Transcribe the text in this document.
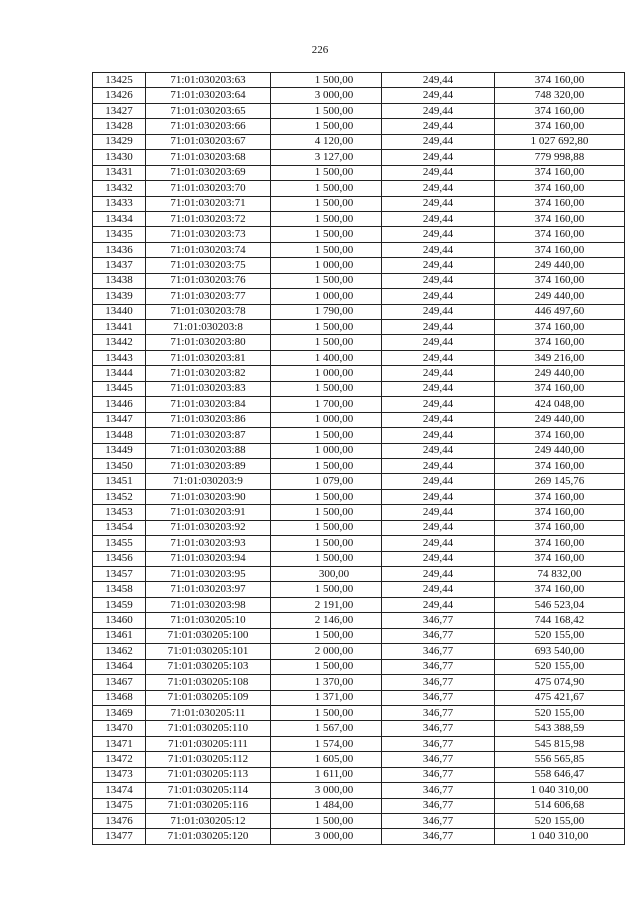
226
13425	71:01:030203:63	1 500,00	249,44	374 160,00
13426	71:01:030203:64	3 000,00	249,44	748 320,00
13427	71:01:030203:65	1 500,00	249,44	374 160,00
13428	71:01:030203:66	1 500,00	249,44	374 160,00
13429	71:01:030203:67	4 120,00	249,44	1 027 692,80
13430	71:01:030203:68	3 127,00	249,44	779 998,88
13431	71:01:030203:69	1 500,00	249,44	374 160,00
13432	71:01:030203:70	1 500,00	249,44	374 160,00
13433	71:01:030203:71	1 500,00	249,44	374 160,00
13434	71:01:030203:72	1 500,00	249,44	374 160,00
13435	71:01:030203:73	1 500,00	249,44	374 160,00
13436	71:01:030203:74	1 500,00	249,44	374 160,00
13437	71:01:030203:75	1 000,00	249,44	249 440,00
13438	71:01:030203:76	1 500,00	249,44	374 160,00
13439	71:01:030203:77	1 000,00	249,44	249 440,00
13440	71:01:030203:78	1 790,00	249,44	446 497,60
13441	71:01:030203:8	1 500,00	249,44	374 160,00
13442	71:01:030203:80	1 500,00	249,44	374 160,00
13443	71:01:030203:81	1 400,00	249,44	349 216,00
13444	71:01:030203:82	1 000,00	249,44	249 440,00
13445	71:01:030203:83	1 500,00	249,44	374 160,00
13446	71:01:030203:84	1 700,00	249,44	424 048,00
13447	71:01:030203:86	1 000,00	249,44	249 440,00
13448	71:01:030203:87	1 500,00	249,44	374 160,00
13449	71:01:030203:88	1 000,00	249,44	249 440,00
13450	71:01:030203:89	1 500,00	249,44	374 160,00
13451	71:01:030203:9	1 079,00	249,44	269 145,76
13452	71:01:030203:90	1 500,00	249,44	374 160,00
13453	71:01:030203:91	1 500,00	249,44	374 160,00
13454	71:01:030203:92	1 500,00	249,44	374 160,00
13455	71:01:030203:93	1 500,00	249,44	374 160,00
13456	71:01:030203:94	1 500,00	249,44	374 160,00
13457	71:01:030203:95	300,00	249,44	74 832,00
13458	71:01:030203:97	1 500,00	249,44	374 160,00
13459	71:01:030203:98	2 191,00	249,44	546 523,04
13460	71:01:030205:10	2 146,00	346,77	744 168,42
13461	71:01:030205:100	1 500,00	346,77	520 155,00
13462	71:01:030205:101	2 000,00	346,77	693 540,00
13464	71:01:030205:103	1 500,00	346,77	520 155,00
13467	71:01:030205:108	1 370,00	346,77	475 074,90
13468	71:01:030205:109	1 371,00	346,77	475 421,67
13469	71:01:030205:11	1 500,00	346,77	520 155,00
13470	71:01:030205:110	1 567,00	346,77	543 388,59
13471	71:01:030205:111	1 574,00	346,77	545 815,98
13472	71:01:030205:112	1 605,00	346,77	556 565,85
13473	71:01:030205:113	1 611,00	346,77	558 646,47
13474	71:01:030205:114	3 000,00	346,77	1 040 310,00
13475	71:01:030205:116	1 484,00	346,77	514 606,68
13476	71:01:030205:12	1 500,00	346,77	520 155,00
13477	71:01:030205:120	3 000,00	346,77	1 040 310,00
